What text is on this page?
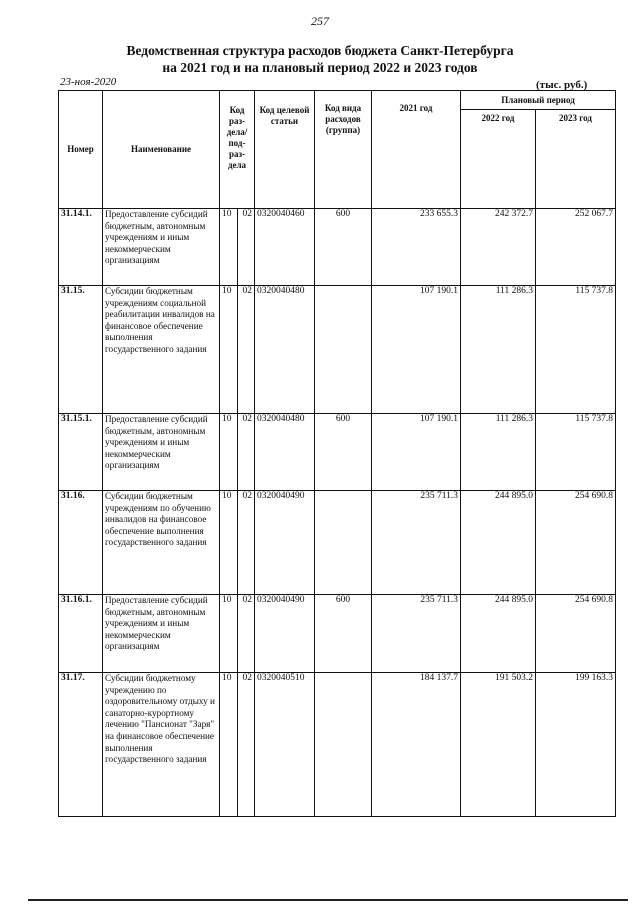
257
Ведомственная структура расходов бюджета Санкт-Петербурга
на 2021 год и на плановый период 2022 и 2023 годов
23-ноя-2020	(тыс. руб.)
Номер	Наименование	Код раз-дела/ под-раз-дела		Код целевой статьи	Код вида расходов (группа)	2021 год	Плановый период	
							2022 год	2023 год
31.14.1.	Предоставление субсидий бюджетным, автономным учреждениям и иным некоммерческим организациям	10	02	0320040460	600	233 655.3	242 372.7	252 067.7
31.15.	Субсидии бюджетным учреждениям социальной реабилитации инвалидов на финансовое обеспечение выполнения государственного задания	10	02	0320040480		107 190.1	111 286.3	115 737.8
31.15.1.	Предоставление субсидий бюджетным, автономным учреждениям и иным некоммерческим организациям	10	02	0320040480	600	107 190.1	111 286.3	115 737.8
31.16.	Субсидии бюджетным учреждениям по обучению инвалидов на финансовое обеспечение выполнения государственного задания	10	02	0320040490		235 711.3	244 895.0	254 690.8
31.16.1.	Предоставление субсидий бюджетным, автономным учреждениям и иным некоммерческим организациям	10	02	0320040490	600	235 711.3	244 895.0	254 690.8
31.17.	Субсидии бюджетному учреждению по оздоровительному отдыху и санаторно-курортному лечению "Пансионат "Заря" на финансовое обеспечение выполнения государственного задания	10	02	0320040510		184 137.7	191 503.2	199 163.3
